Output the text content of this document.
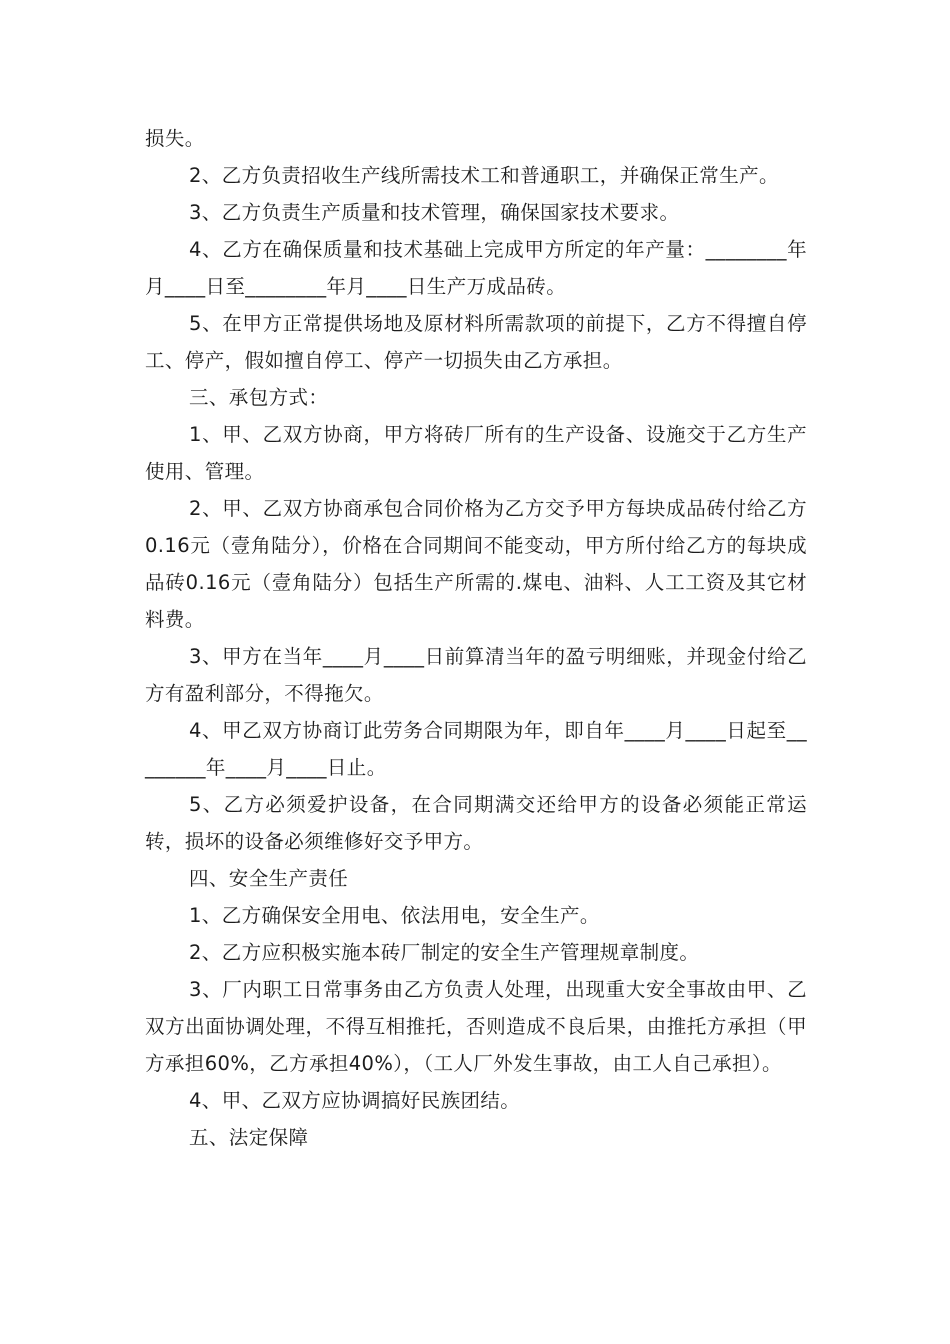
损失。

2、乙方负责招收生产线所需技术工和普通职工，并确保正常生产。

3、乙方负责生产质量和技术管理，确保国家技术要求。

4、乙方在确保质量和技术基础上完成甲方所定的年产量：________年月____日至________年月____日生产万成品砖。

5、在甲方正常提供场地及原材料所需款项的前提下，乙方不得擅自停工、停产，假如擅自停工、停产一切损失由乙方承担。

三、承包方式：

1、甲、乙双方协商，甲方将砖厂所有的生产设备、设施交于乙方生产使用、管理。

2、甲、乙双方协商承包合同价格为乙方交予甲方每块成品砖付给乙方0.16元（壹角陆分），价格在合同期间不能变动，甲方所付给乙方的每块成品砖0.16元（壹角陆分）包括生产所需的.煤电、油料、人工工资及其它材料费。

3、甲方在当年____月____日前算清当年的盈亏明细账，并现金付给乙方有盈利部分，不得拖欠。

4、甲乙双方协商订此劳务合同期限为年，即自年____月____日起至________年____月____日止。

5、乙方必须爱护设备，在合同期满交还给甲方的设备必须能正常运转，损坏的设备必须维修好交予甲方。

四、安全生产责任

1、乙方确保安全用电、依法用电，安全生产。

2、乙方应积极实施本砖厂制定的安全生产管理规章制度。

3、厂内职工日常事务由乙方负责人处理，出现重大安全事故由甲、乙双方出面协调处理，不得互相推托，否则造成不良后果，由推托方承担（甲方承担60%，乙方承担40%），（工人厂外发生事故，由工人自己承担）。

4、甲、乙双方应协调搞好民族团结。

五、法定保障
